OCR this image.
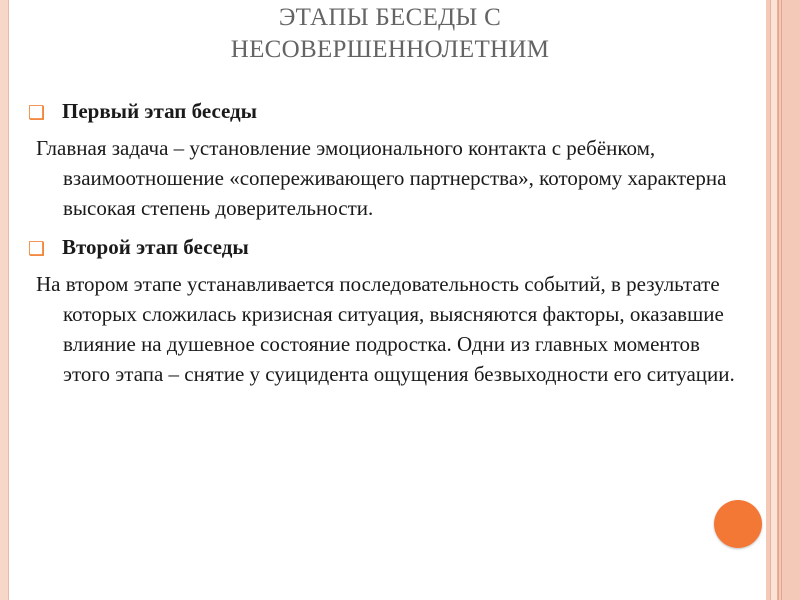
ЭТАПЫ БЕСЕДЫ С
НЕСОВЕРШЕННОЛЕТНИМ
❑ Первый этап беседы
Главная задача – установление эмоционального контакта с ребёнком, взаимоотношение «сопереживающего партнерства», которому характерна высокая степень доверительности.
❑ Второй этап беседы
На втором этапе устанавливается последовательность событий, в результате которых сложилась кризисная ситуация, выясняются факторы, оказавшие влияние на душевное состояние подростка. Одни из главных моментов этого этапа – снятие у суицидента ощущения безвыходности его ситуации.
